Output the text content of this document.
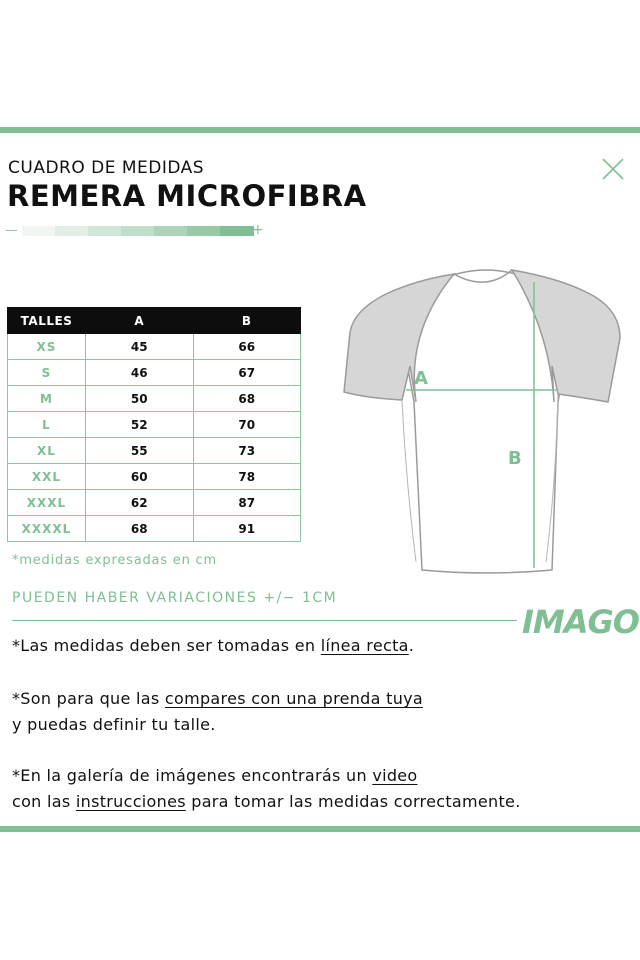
CUADRO DE MEDIDAS
REMERA MICROFIBRA
+
TALLES	A	B
XS	45	66
S	46	67
M	50	68
L	52	70
XL	55	73
XXL	60	78
XXXL	62	87
XXXXL	68	91
*medidas expresadas en cm
A
B
PUEDEN HABER VARIACIONES +/− 1CM
IMAGO
*Las medidas deben ser tomadas en línea recta.
*Son para que las compares con una prenda tuya
y puedas definir tu talle.
*En la galería de imágenes encontrarás un video
con las instrucciones para tomar las medidas correctamente.
